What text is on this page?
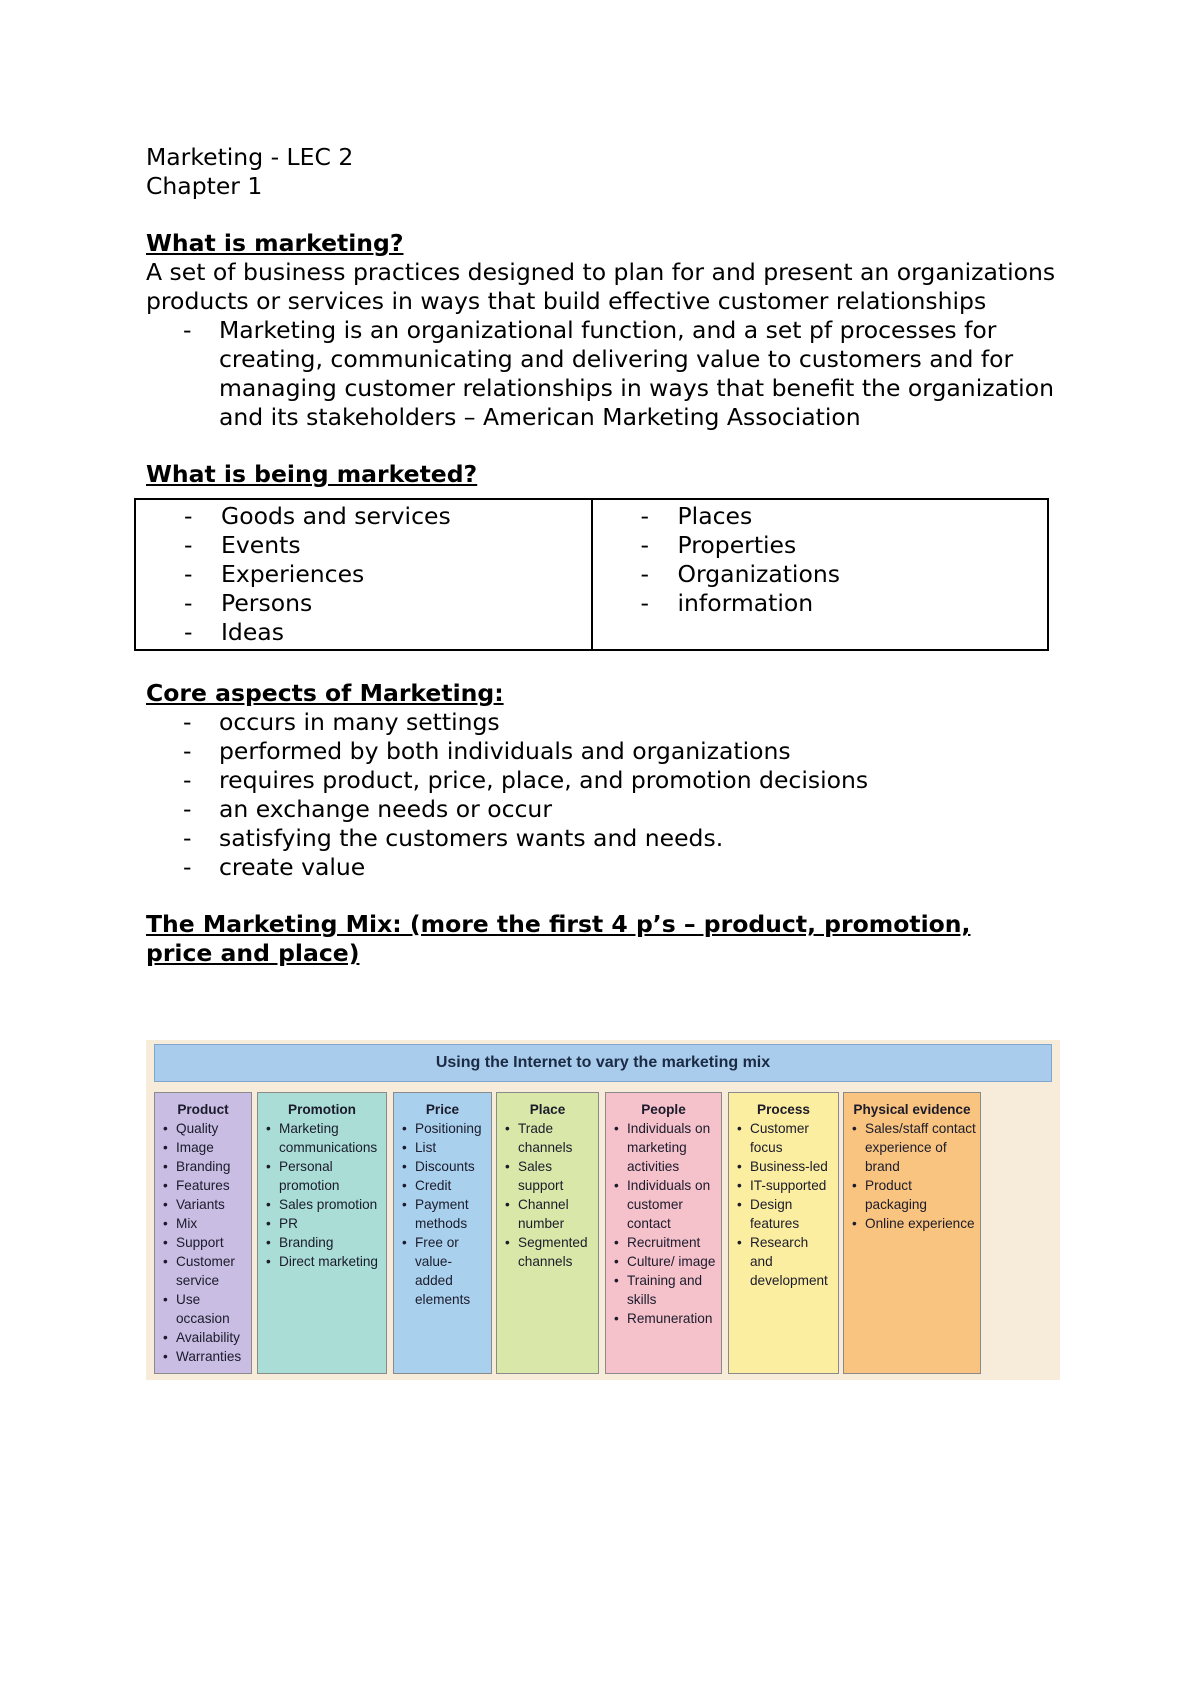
Marketing - LEC 2
Chapter 1
What is marketing?
A set of business practices designed to plan for and present an organizations products or services in ways that build effective customer relationships
- Marketing is an organizational function, and a set pf processes for creating, communicating and delivering value to customers and for managing customer relationships in ways that benefit the organization and its stakeholders – American Marketing Association
What is being marketed?
- Goods and services
- Events
- Experiences
- Persons
- Ideas

- Places
- Properties
- Organizations
- information
Core aspects of Marketing:
- occurs in many settings
- performed by both individuals and organizations
- requires product, price, place, and promotion decisions
- an exchange needs or occur
- satisfying the customers wants and needs.
- create value
The Marketing Mix: (more the first 4 p’s – product, promotion, price and place)
Using the Internet to vary the marketing mix
Product
• Quality
• Image
• Branding
• Features
• Variants
• Mix
• Support
• Customer service
• Use occasion
• Availability
• Warranties
Promotion
• Marketing communications
• Personal promotion
• Sales promotion
• PR
• Branding
• Direct marketing
Price
• Positioning
• List
• Discounts
• Credit
• Payment methods
• Free or value-added elements
Place
• Trade channels
• Sales support
• Channel number
• Segmented channels
People
• Individuals on marketing activities
• Individuals on customer contact
• Recruitment
• Culture/ image
• Training and skills
• Remuneration
Process
• Customer focus
• Business-led
• IT-supported
• Design features
• Research and development
Physical evidence
• Sales/staff contact experience of brand
• Product packaging
• Online experience
